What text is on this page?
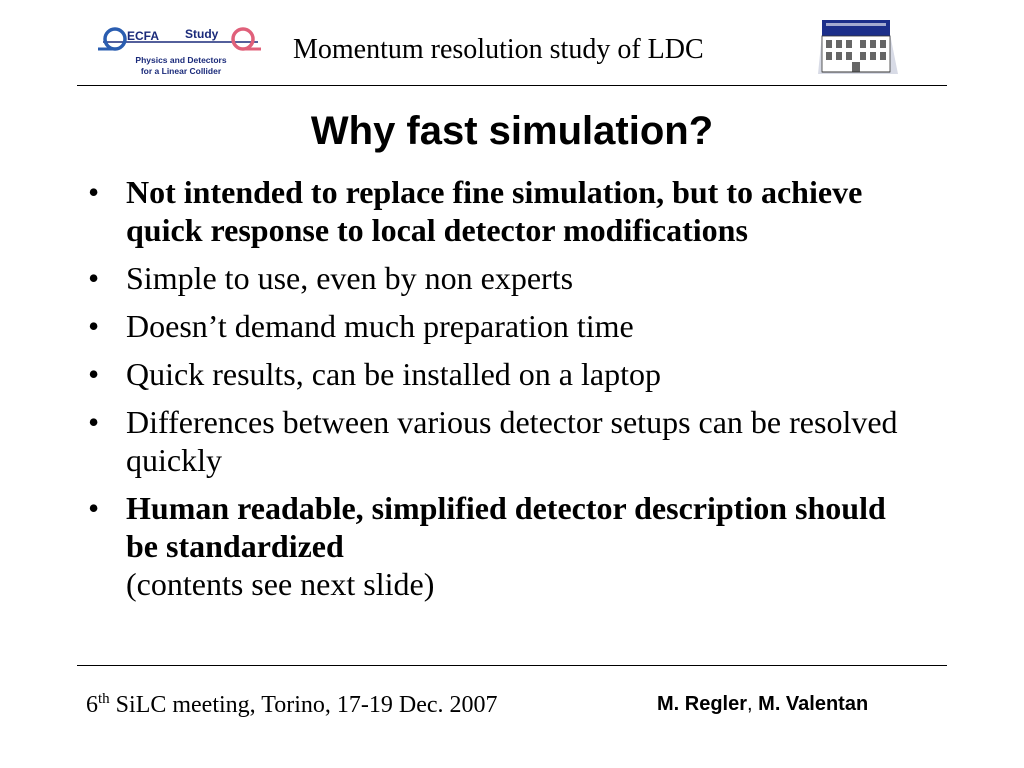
ECFA Study
Physics and Detectors
for a Linear Collider
Momentum resolution study of LDC
Why fast simulation?
• Not intended to replace fine simulation, but to achieve quick response to local detector modifications
• Simple to use, even by non experts
• Doesn’t demand much preparation time
• Quick results, can be installed on a laptop
• Differences between various detector setups can be resolved quickly
• Human readable, simplified detector description should be standardized
(contents see next slide)
6th SiLC meeting, Torino, 17-19 Dec. 2007	M. Regler, M. Valentan
